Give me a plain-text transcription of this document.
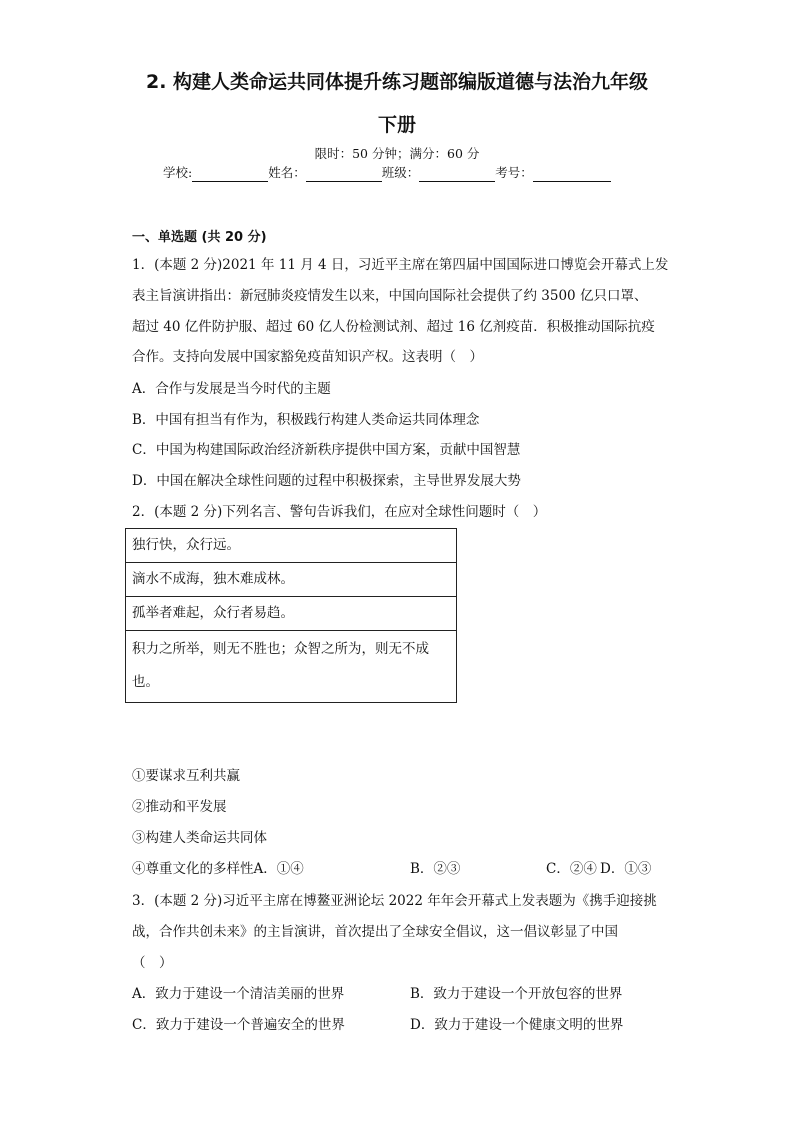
2. 构建人类命运共同体提升练习题部编版道德与法治九年级
下册
限时：50 分钟；满分：60 分
学校:	姓名：	班级：	考号：
一、单选题 (共 20 分)
1．(本题 2 分)2021 年 11 月 4 日，习近平主席在第四届中国国际进口博览会开幕式上发
表主旨演讲指出：新冠肺炎疫情发生以来，中国向国际社会提供了约 3500 亿只口罩、
超过 40 亿件防护服、超过 60 亿人份检测试剂、超过 16 亿剂疫苗．积极推动国际抗疫
合作。支持向发展中国家豁免疫苗知识产权。这表明（　）
A．合作与发展是当今时代的主题
B．中国有担当有作为，积极践行构建人类命运共同体理念
C．中国为构建国际政治经济新秩序提供中国方案，贡献中国智慧
D．中国在解决全球性问题的过程中积极探索，主导世界发展大势
2．(本题 2 分)下列名言、警句告诉我们，在应对全球性问题时（　）
独行快，众行远。
滴水不成海，独木难成林。
孤举者难起，众行者易趋。
积力之所举，则无不胜也；众智之所为，则无不成
也。
①要谋求互利共赢
②推动和平发展
③构建人类命运共同体
④尊重文化的多样性A．①④	B．②③	C．②④ D．①③
3．(本题 2 分)习近平主席在博鳌亚洲论坛 2022 年年会开幕式上发表题为《携手迎接挑
战，合作共创未来》的主旨演讲，首次提出了全球安全倡议，这一倡议彰显了中国
（　）
A．致力于建设一个清洁美丽的世界	B．致力于建设一个开放包容的世界
C．致力于建设一个普遍安全的世界	D．致力于建设一个健康文明的世界
